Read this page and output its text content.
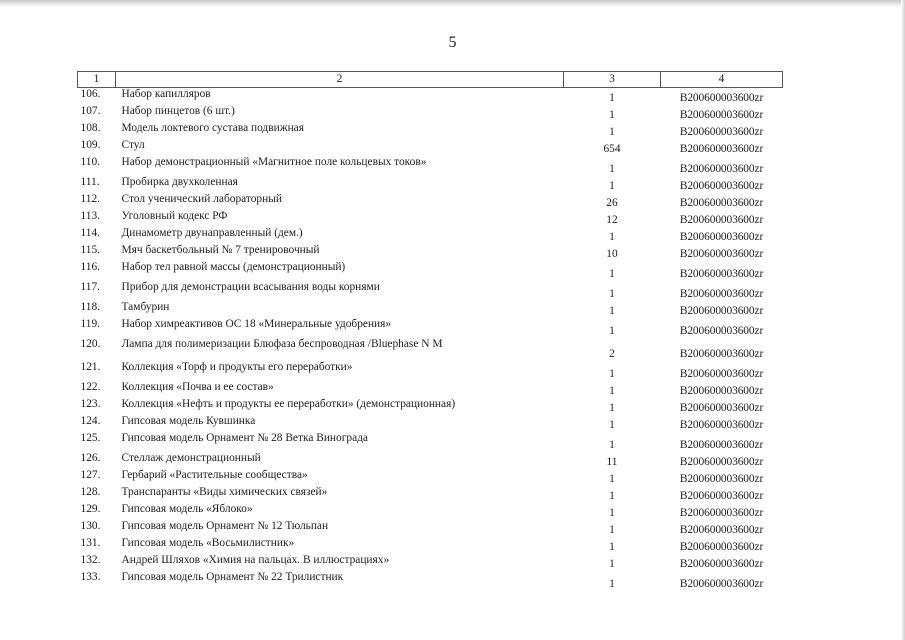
5
1	2	3	4
106.	Набор капилляров	1	B200600003600zr
107.	Набор пинцетов (6 шт.)	1	B200600003600zr
108.	Модель локтевого сустава подвижная	1	B200600003600zr
109.	Стул	654	B200600003600zr
110.	Набор демонстрационный «Магнитное поле кольцевых токов»	1	B200600003600zr
111.	Пробирка двухколенная	1	B200600003600zr
112.	Стол ученический лабораторный	26	B200600003600zr
113.	Уголовный кодекс РФ	12	B200600003600zr
114.	Динамометр двунаправленный (дем.)	1	B200600003600zr
115.	Мяч баскетбольный № 7 тренировочный	10	B200600003600zr
116.	Набор тел равной массы (демонстрационный)	1	B200600003600zr
117.	Прибор для демонстрации всасывания воды корнями	1	B200600003600zr
118.	Тамбурин	1	B200600003600zr
119.	Набор химреактивов ОС 18 «Минеральные удобрения»	1	B200600003600zr
120.	Лампа для полимеризации Блюфаза беспроводная /Bluephase N M	2	B200600003600zr
121.	Коллекция «Торф и продукты его переработки»	1	B200600003600zr
122.	Коллекция «Почва и ее состав»	1	B200600003600zr
123.	Коллекция «Нефть и продукты ее переработки» (демонстрационная)	1	B200600003600zr
124.	Гипсовая модель Кувшинка	1	B200600003600zr
125.	Гипсовая модель Орнамент № 28 Ветка Винограда	1	B200600003600zr
126.	Стеллаж демонстрационный	11	B200600003600zr
127.	Гербарий «Растительные сообщества»	1	B200600003600zr
128.	Транспаранты «Виды химических связей»	1	B200600003600zr
129.	Гипсовая модель «Яблоко»	1	B200600003600zr
130.	Гипсовая модель Орнамент № 12 Тюльпан	1	B200600003600zr
131.	Гипсовая модель «Восьмилистник»	1	B200600003600zr
132.	Андрей Шляхов «Химия на пальцах. В иллюстрациях»	1	B200600003600zr
133.	Гипсовая модель Орнамент № 22 Трилистник	1	B200600003600zr
